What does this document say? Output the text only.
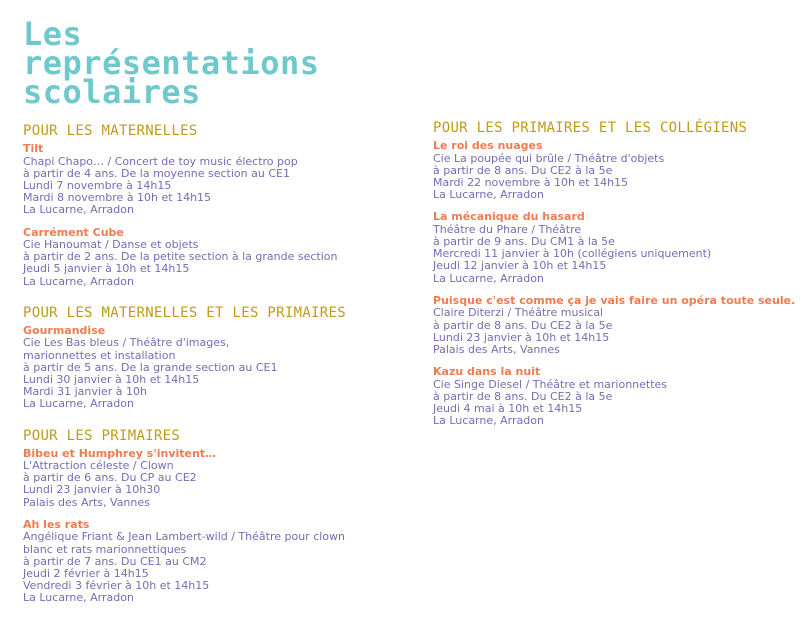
Les
représentations
scolaires
POUR LES MATERNELLES
Tilt
Chapi Chapo… / Concert de toy music électro pop
à partir de 4 ans. De la moyenne section au CE1
Lundi 7 novembre à 14h15
Mardi 8 novembre à 10h et 14h15
La Lucarne, Arradon
Carrément Cube
Cie Hanoumat / Danse et objets
à partir de 2 ans. De la petite section à la grande section
Jeudi 5 janvier à 10h et 14h15
La Lucarne, Arradon
POUR LES MATERNELLES ET LES PRIMAIRES
Gourmandise
Cie Les Bas bleus / Théâtre d'images,
marionnettes et installation
à partir de 5 ans. De la grande section au CE1
Lundi 30 janvier à 10h et 14h15
Mardi 31 janvier à 10h
La Lucarne, Arradon
POUR LES PRIMAIRES
Bibeu et Humphrey s'invitent…
L'Attraction céleste / Clown
à partir de 6 ans. Du CP au CE2
Lundi 23 janvier à 10h30
Palais des Arts, Vannes
Ah les rats
Angélique Friant & Jean Lambert-wild / Théâtre pour clown
blanc et rats marionnettiques
à partir de 7 ans. Du CE1 au CM2
Jeudi 2 février à 14h15
Vendredi 3 février à 10h et 14h15
La Lucarne, Arradon
POUR LES PRIMAIRES ET LES COLLÉGIENS
Le roi des nuages
Cie La poupée qui brûle / Théâtre d'objets
à partir de 8 ans. Du CE2 à la 5e
Mardi 22 novembre à 10h et 14h15
La Lucarne, Arradon
La mécanique du hasard
Théâtre du Phare / Théâtre
à partir de 9 ans. Du CM1 à la 5e
Mercredi 11 janvier à 10h (collégiens uniquement)
Jeudi 12 janvier à 10h et 14h15
La Lucarne, Arradon
Puisque c'est comme ça je vais faire un opéra toute seule.
Claire Diterzi / Théâtre musical
à partir de 8 ans. Du CE2 à la 5e
Lundi 23 janvier à 10h et 14h15
Palais des Arts, Vannes
Kazu dans la nuit
Cie Singe Diesel / Théâtre et marionnettes
à partir de 8 ans. Du CE2 à la 5e
Jeudi 4 mai à 10h et 14h15
La Lucarne, Arradon
